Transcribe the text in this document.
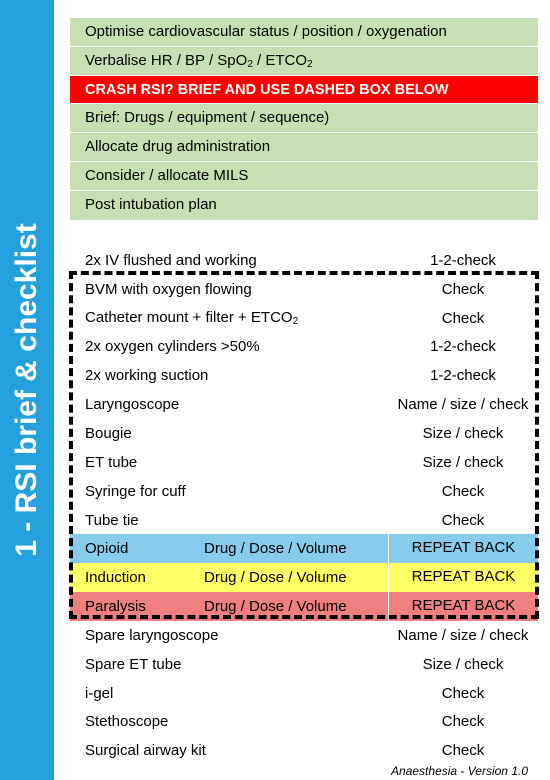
1 - RSI brief & checklist
Optimise cardiovascular status / position / oxygenation
Verbalise HR / BP / $SpO_2 / ETCO_2$
CRASH RSI? BRIEF AND USE DASHED BOX BELOW
Brief: Drugs / equipment / sequence)
Allocate drug administration
Consider / allocate MILS
Post intubation plan
2x IV flushed and working	1-2-check
BVM with oxygen flowing	Check
Catheter mount + filter + $ETCO_2$	Check
2x oxygen cylinders >50%	1-2-check
2x working suction	1-2-check
Laryngoscope	Name / size / check
Bougie	Size / check
ET tube	Size / check
Syringe for cuff	Check
Tube tie	Check
Opioid	Drug / Dose / Volume	REPEAT BACK
Induction	Drug / Dose / Volume	REPEAT BACK
Paralysis	Drug / Dose / Volume	REPEAT BACK
Spare laryngoscope	Name / size / check
Spare ET tube	Size / check
i-gel	Check
Stethoscope	Check
Surgical airway kit	Check
Anaesthesia - Version 1.0
